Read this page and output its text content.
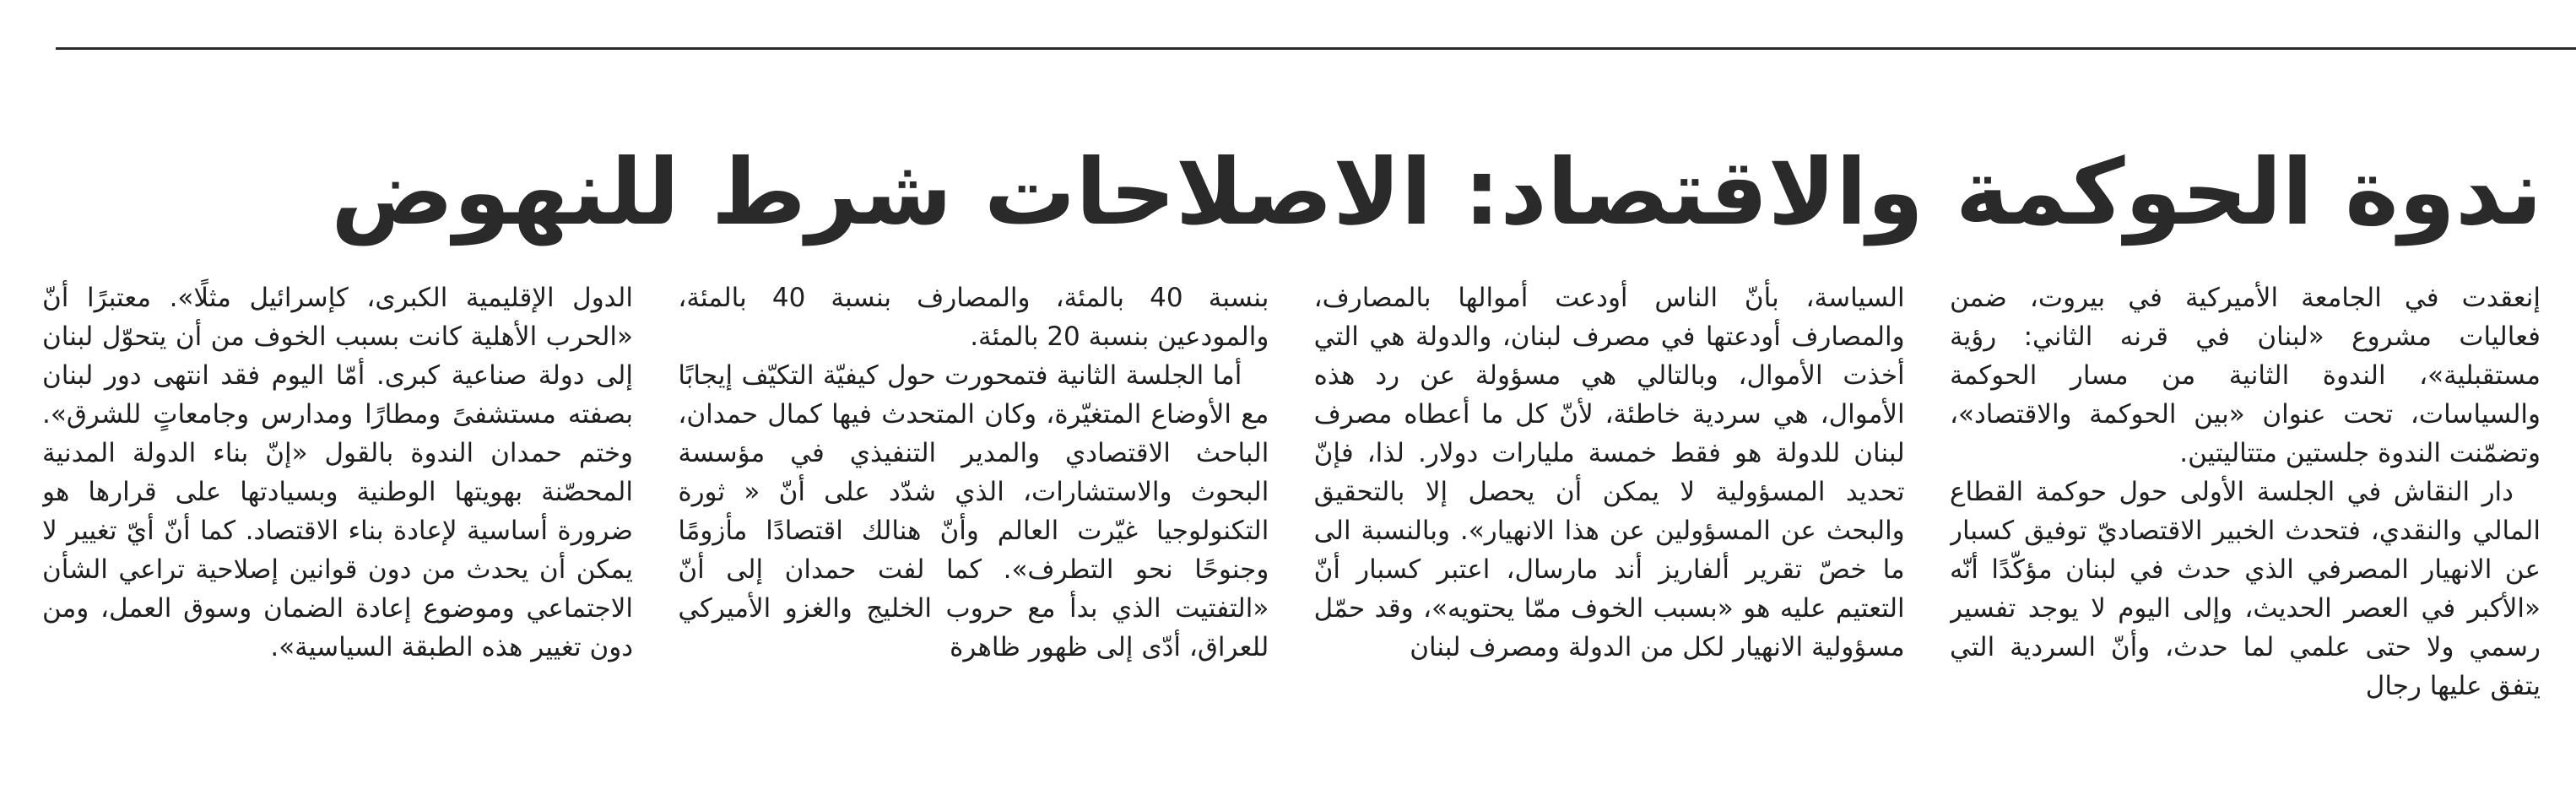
ندوة الحوكمة والاقتصاد: الاصلاحات شرط للنهوض

إنعقدت في الجامعة الأميركية في بيروت، ضمن فعاليات مشروع «لبنان في قرنه الثاني: رؤية مستقبلية»، الندوة الثانية من مسار الحوكمة والسياسات، تحت عنوان «بين الحوكمة والاقتصاد»، وتضمّنت الندوة جلستين متتاليتين.

دار النقاش في الجلسة الأولى حول حوكمة القطاع المالي والنقدي، فتحدث الخبير الاقتصاديّ توفيق كسبار عن الانهيار المصرفي الذي حدث في لبنان مؤكّدًا أنّه «الأكبر في العصر الحديث، وإلى اليوم لا يوجد تفسير رسمي ولا حتى علمي لما حدث، وأنّ السردية التي يتفق عليها رجال

السياسة، بأنّ الناس أودعت أموالها بالمصارف، والمصارف أودعتها في مصرف لبنان، والدولة هي التي أخذت الأموال، وبالتالي هي مسؤولة عن رد هذه الأموال، هي سردية خاطئة، لأنّ كل ما أعطاه مصرف لبنان للدولة هو فقط خمسة مليارات دولار. لذا، فإنّ تحديد المسؤولية لا يمكن أن يحصل إلا بالتحقيق والبحث عن المسؤولين عن هذا الانهيار». وبالنسبة الى ما خصّ تقرير ألفاريز أند مارسال، اعتبر كسبار أنّ التعتيم عليه هو «بسبب الخوف ممّا يحتويه»، وقد حمّل مسؤولية الانهيار لكل من الدولة ومصرف لبنان

بنسبة 40 بالمئة، والمصارف بنسبة 40 بالمئة، والمودعين بنسبة 20 بالمئة.

أما الجلسة الثانية فتمحورت حول كيفيّة التكيّف إيجابًا مع الأوضاع المتغيّرة، وكان المتحدث فيها كمال حمدان، الباحث الاقتصادي والمدير التنفيذي في مؤسسة البحوث والاستشارات، الذي شدّد على أنّ « ثورة التكنولوجيا غيّرت العالم وأنّ هنالك اقتصادًا مأزومًا وجنوحًا نحو التطرف». كما لفت حمدان إلى أنّ «التفتيت الذي بدأ مع حروب الخليج والغزو الأميركي للعراق، أدّى إلى ظهور ظاهرة

الدول الإقليمية الكبرى، كإسرائيل مثلًا». معتبرًا أنّ «الحرب الأهلية كانت بسبب الخوف من أن يتحوّل لبنان إلى دولة صناعية كبرى. أمّا اليوم فقد انتهى دور لبنان بصفته مستشفىً ومطارًا ومدارس وجامعاتٍ للشرق». وختم حمدان الندوة بالقول «إنّ بناء الدولة المدنية المحصّنة بهويتها الوطنية وبسيادتها على قرارها هو ضرورة أساسية لإعادة بناء الاقتصاد. كما أنّ أيّ تغيير لا يمكن أن يحدث من دون قوانين إصلاحية تراعي الشأن الاجتماعي وموضوع إعادة الضمان وسوق العمل، ومن دون تغيير هذه الطبقة السياسية».
